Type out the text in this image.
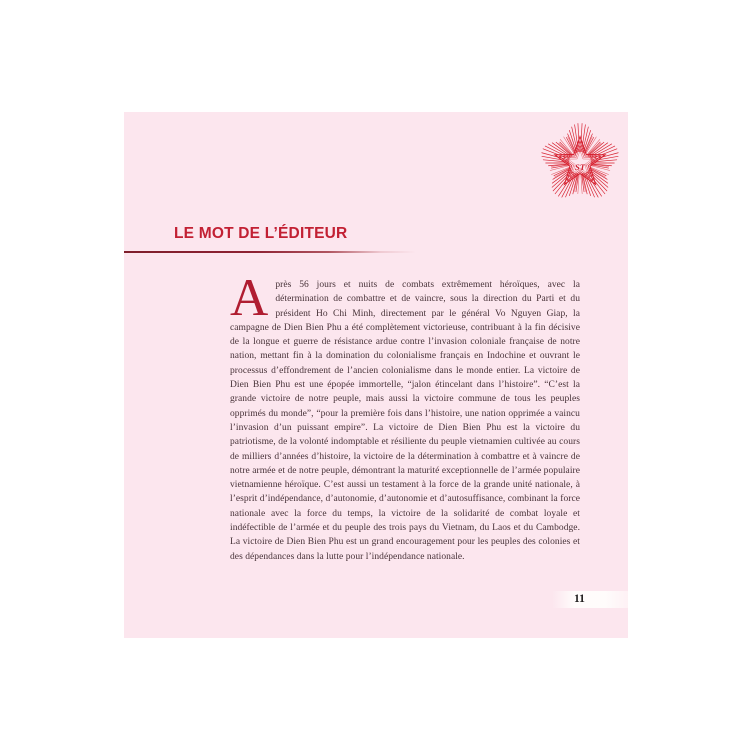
ST
LE MOT DE L’ÉDITEUR
Après 56 jours et nuits de combats extrêmement héroïques, avec la détermination de combattre et de vaincre, sous la direction du Parti et du président Ho Chi Minh, directement par le général Vo Nguyen Giap, la campagne de Dien Bien Phu a été complètement victorieuse, contribuant à la fin décisive de la longue et guerre de résistance ardue contre l’invasion coloniale française de notre nation, mettant fin à la domination du colonialisme français en Indochine et ouvrant le processus d’effondrement de l’ancien colonialisme dans le monde entier. La victoire de Dien Bien Phu est une épopée immortelle, “jalon étincelant dans l’histoire”. “C’est la grande victoire de notre peuple, mais aussi la victoire commune de tous les peuples opprimés du monde”, “pour la première fois dans l’histoire, une nation opprimée a vaincu l’invasion d’un puissant empire”. La victoire de Dien Bien Phu est la victoire du patriotisme, de la volonté indomptable et résiliente du peuple vietnamien cultivée au cours de milliers d’années d’histoire, la victoire de la détermination à combattre et à vaincre de notre armée et de notre peuple, démontrant la maturité exceptionnelle de l’armée populaire vietnamienne héroïque. C’est aussi un testament à la force de la grande unité nationale, à l’esprit d’indépendance, d’autonomie, d’autonomie et d’autosuffisance, combinant la force nationale avec la force du temps, la victoire de la solidarité de combat loyale et indéfectible de l’armée et du peuple des trois pays du Vietnam, du Laos et du Cambodge. La victoire de Dien Bien Phu est un grand encouragement pour les peuples des colonies et des dépendances dans la lutte pour l’indépendance nationale.
11
